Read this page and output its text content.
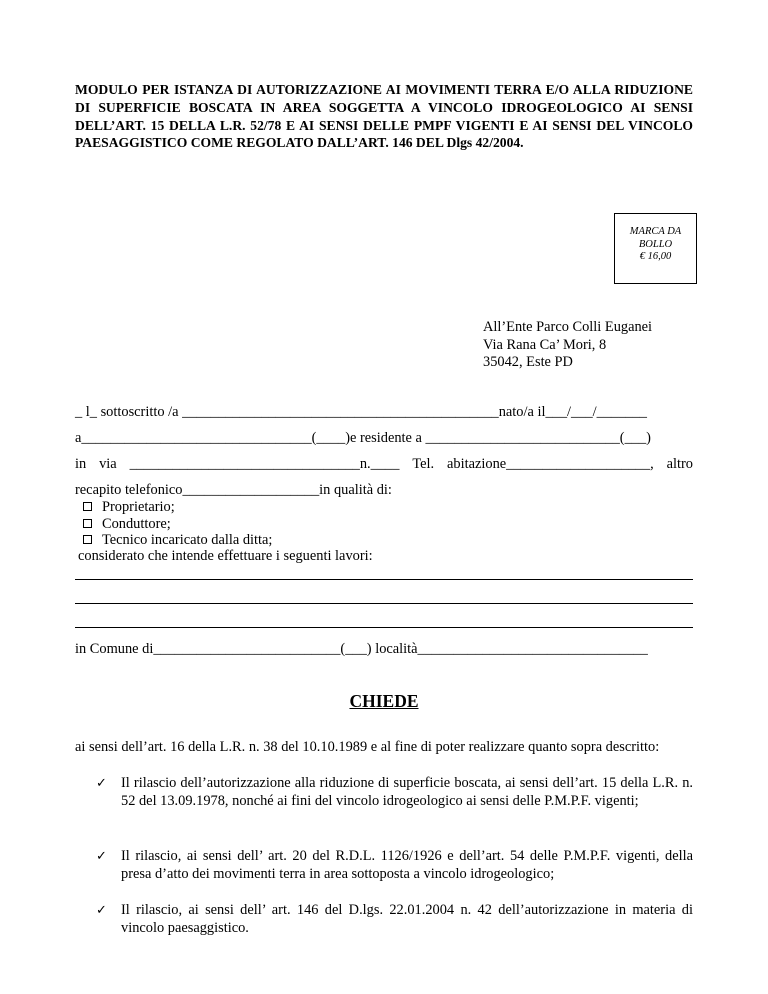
MODULO PER ISTANZA DI AUTORIZZAZIONE AI MOVIMENTI TERRA E/O ALLA RIDUZIONE DI SUPERFICIE BOSCATA IN AREA SOGGETTA A VINCOLO IDROGEOLOGICO AI SENSI DELL’ART. 15 DELLA L.R. 52/78 E AI SENSI DELLE PMPF VIGENTI E AI SENSI DEL VINCOLO PAESAGGISTICO COME REGOLATO DALL’ART. 146 DEL Dlgs 42/2004.
MARCA DA
BOLLO
€ 16,00
All’Ente Parco Colli Euganei
Via Rana Ca’ Mori, 8
35042, Este PD
_ l_ sottoscritto /a ____________________________________________nato/a il___/___/_______
a________________________________(____)e residente a ___________________________(___)
in via ________________________________n.____ Tel. abitazione____________________, altro
recapito telefonico___________________in qualità di:
Proprietario;
Conduttore;
Tecnico incaricato dalla ditta;
considerato che intende effettuare i seguenti lavori:
in Comune di__________________________(___) località________________________________
CHIEDE
ai sensi dell’art. 16 della L.R. n. 38 del 10.10.1989 e al fine di poter realizzare quanto sopra descritto:
✓ Il rilascio dell’autorizzazione alla riduzione di superficie boscata, ai sensi dell’art. 15 della L.R. n. 52 del 13.09.1978, nonché ai fini del vincolo idrogeologico ai sensi delle P.M.P.F. vigenti;
✓ Il rilascio, ai sensi dell’ art. 20 del R.D.L. 1126/1926 e dell’art. 54 delle P.M.P.F. vigenti, della presa d’atto dei movimenti terra in area sottoposta a vincolo idrogeologico;
✓ Il rilascio, ai sensi dell’ art. 146 del D.lgs. 22.01.2004 n. 42 dell’autorizzazione in materia di vincolo paesaggistico.
